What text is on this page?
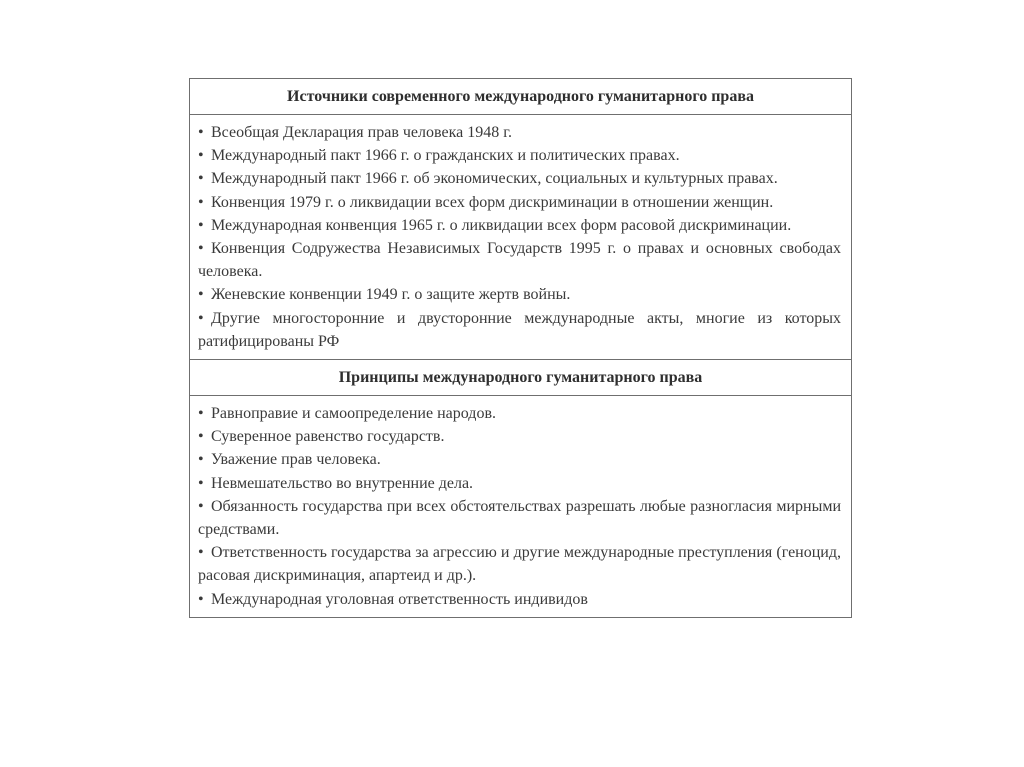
Источники современного международного гуманитарного права
• Всеобщая Декларация прав человека 1948 г.
• Международный пакт 1966 г. о гражданских и политических правах.
• Международный пакт 1966 г. об экономических, социальных и культурных правах.
• Конвенция 1979 г. о ликвидации всех форм дискриминации в отношении женщин.
• Международная конвенция 1965 г. о ликвидации всех форм расовой дискриминации.
• Конвенция Содружества Независимых Государств 1995 г. о правах и основных свободах человека.
• Женевские конвенции 1949 г. о защите жертв войны.
• Другие многосторонние и двусторонние международные акты, многие из которых ратифицированы РФ
Принципы международного гуманитарного права
• Равноправие и самоопределение народов.
• Суверенное равенство государств.
• Уважение прав человека.
• Невмешательство во внутренние дела.
• Обязанность государства при всех обстоятельствах разрешать любые разногласия мирными средствами.
• Ответственность государства за агрессию и другие международные преступления (геноцид, расовая дискриминация, апартеид и др.).
• Международная уголовная ответственность индивидов
